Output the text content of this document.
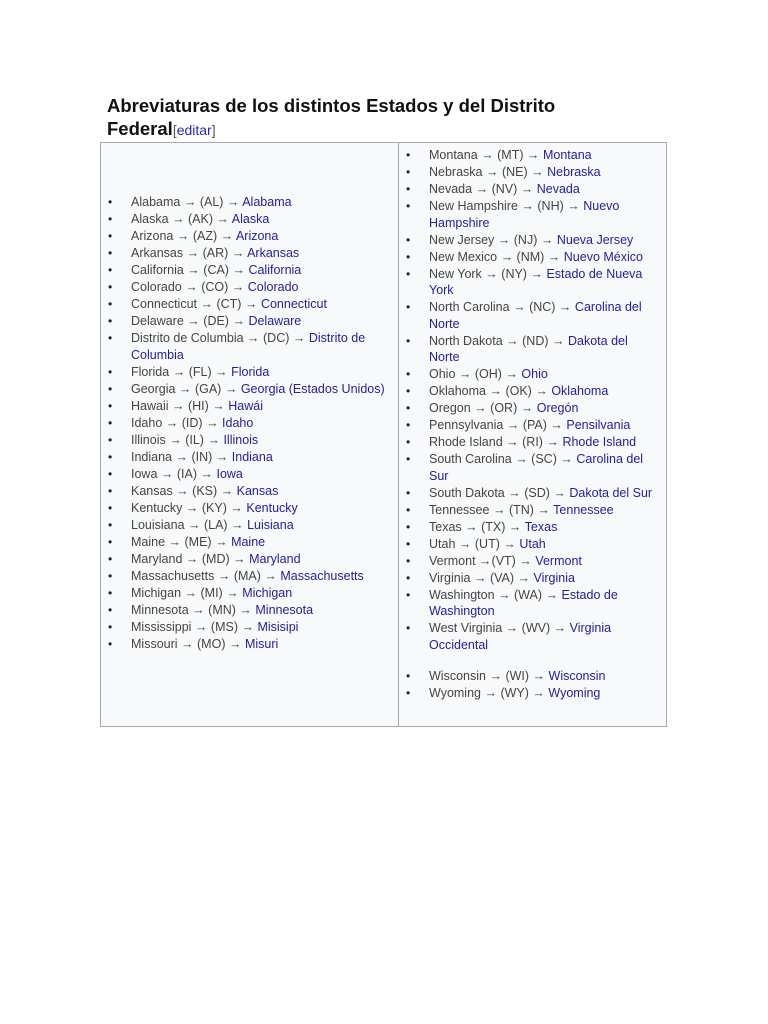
Abreviaturas de los distintos Estados y del Distrito Federal[editar]
• Alabama → (AL) → Alabama
• Alaska → (AK) → Alaska
• Arizona → (AZ) → Arizona
• Arkansas → (AR) → Arkansas
• California → (CA) → California
• Colorado → (CO) → Colorado
• Connecticut → (CT) → Connecticut
• Delaware → (DE) → Delaware
• Distrito de Columbia → (DC) → Distrito de Columbia
• Florida → (FL) → Florida
• Georgia → (GA) → Georgia (Estados Unidos)
• Hawaii → (HI) → Hawái
• Idaho → (ID) → Idaho
• Illinois → (IL) → Illinois
• Indiana → (IN) → Indiana
• Iowa → (IA) → Iowa
• Kansas → (KS) → Kansas
• Kentucky → (KY) → Kentucky
• Louisiana → (LA) → Luisiana
• Maine → (ME) → Maine
• Maryland → (MD) → Maryland
• Massachusetts → (MA) → Massachusetts
• Michigan → (MI) → Michigan
• Minnesota → (MN) → Minnesota
• Mississippi → (MS) → Misisipi
• Missouri → (MO) → Misuri
• Montana → (MT) → Montana
• Nebraska → (NE) → Nebraska
• Nevada → (NV) → Nevada
• New Hampshire → (NH) → Nuevo Hampshire
• New Jersey → (NJ) → Nueva Jersey
• New Mexico → (NM) → Nuevo México
• New York → (NY) → Estado de Nueva York
• North Carolina → (NC) → Carolina del Norte
• North Dakota → (ND) → Dakota del Norte
• Ohio → (OH) → Ohio
• Oklahoma → (OK) → Oklahoma
• Oregon → (OR) → Oregón
• Pennsylvania → (PA) → Pensilvania
• Rhode Island → (RI) → Rhode Island
• South Carolina → (SC) → Carolina del Sur
• South Dakota → (SD) → Dakota del Sur
• Tennessee → (TN) → Tennessee
• Texas → (TX) → Texas
• Utah → (UT) → Utah
• Vermont →(VT) → Vermont
• Virginia → (VA) → Virginia
• Washington → (WA) → Estado de Washington
• West Virginia → (WV) → Virginia Occidental
• Wisconsin → (WI) → Wisconsin
• Wyoming → (WY) → Wyoming
